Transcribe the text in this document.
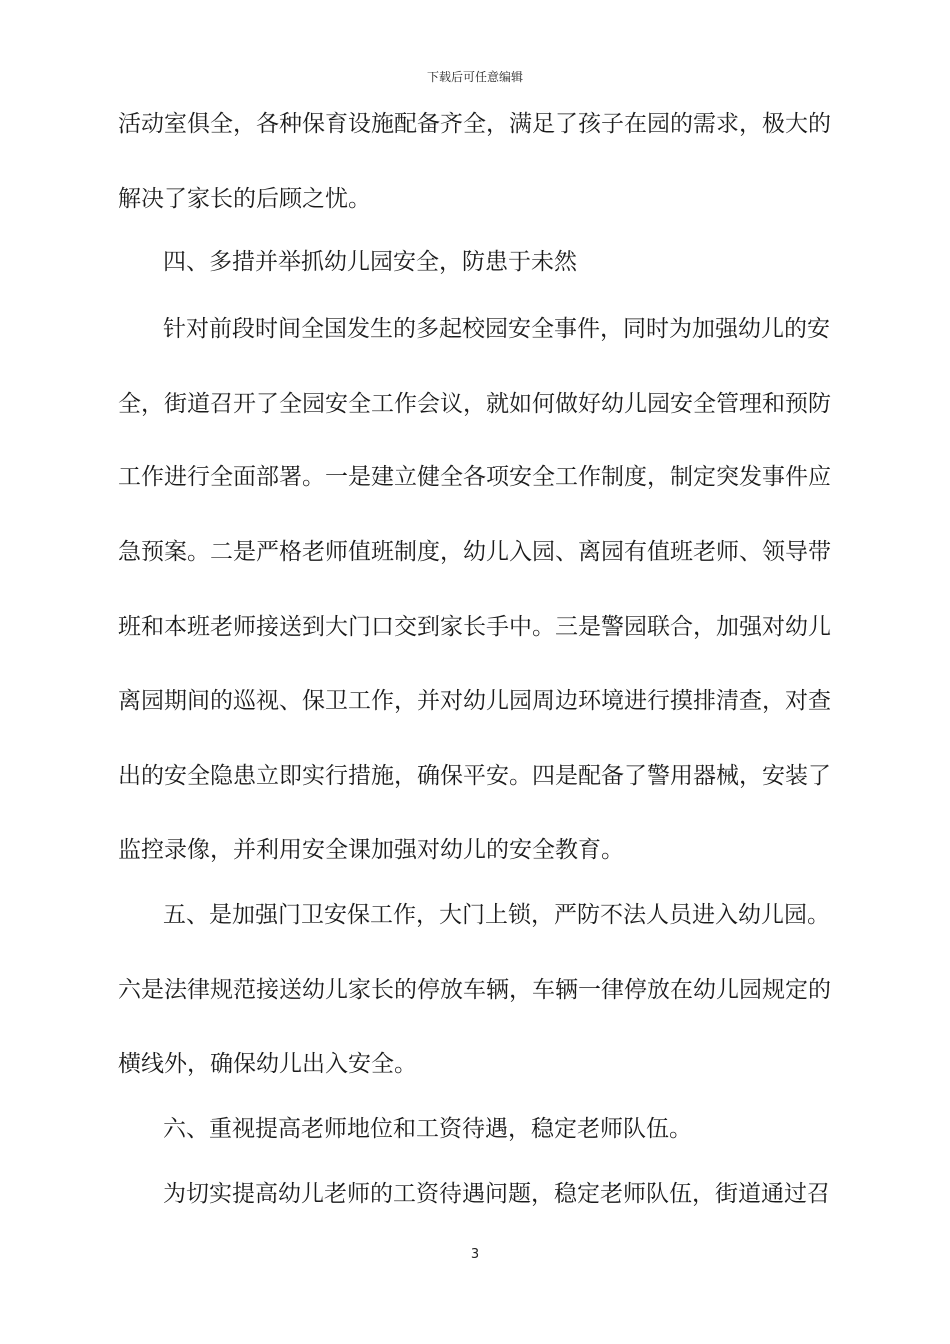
下载后可任意编辑
活动室俱全，各种保育设施配备齐全，满足了孩子在园的需求，极大的
解决了家长的后顾之忧。
四、多措并举抓幼儿园安全，防患于未然
针对前段时间全国发生的多起校园安全事件，同时为加强幼儿的安
全，街道召开了全园安全工作会议，就如何做好幼儿园安全管理和预防
工作进行全面部署。一是建立健全各项安全工作制度，制定突发事件应
急预案。二是严格老师值班制度，幼儿入园、离园有值班老师、领导带
班和本班老师接送到大门口交到家长手中。三是警园联合，加强对幼儿
离园期间的巡视、保卫工作，并对幼儿园周边环境进行摸排清查，对查
出的安全隐患立即实行措施，确保平安。四是配备了警用器械，安装了
监控录像，并利用安全课加强对幼儿的安全教育。
五、是加强门卫安保工作，大门上锁，严防不法人员进入幼儿园。
六是法律规范接送幼儿家长的停放车辆，车辆一律停放在幼儿园规定的
横线外，确保幼儿出入安全。
六、重视提高老师地位和工资待遇，稳定老师队伍。
为切实提高幼儿老师的工资待遇问题，稳定老师队伍，街道通过召
3
